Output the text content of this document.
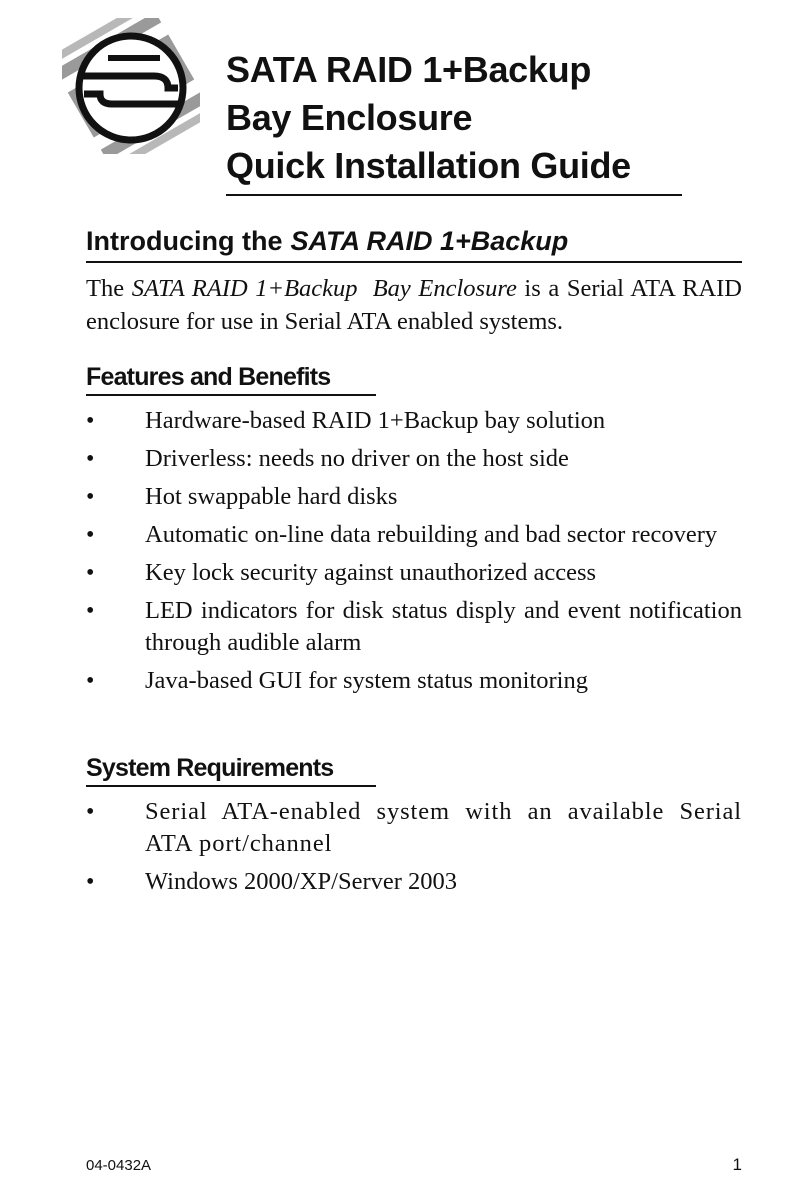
SATA RAID 1+Backup
Bay Enclosure
Quick Installation Guide
Introducing the SATA RAID 1+Backup
The SATA RAID 1+Backup  Bay Enclosure is a Serial ATA RAID enclosure for use in Serial ATA enabled systems.
Features and Benefits
•	Hardware-based RAID 1+Backup bay solution
•	Driverless: needs no driver on the host side
•	Hot swappable hard disks
•	Automatic on-line data rebuilding and bad sector recovery
•	Key lock security against unauthorized access
•	LED indicators for disk status disply and event notification through audible alarm
•	Java-based GUI for system status monitoring
System Requirements
•	Serial ATA-enabled system with an available Serial ATA port/channel
•	Windows 2000/XP/Server 2003
04-0432A	1
